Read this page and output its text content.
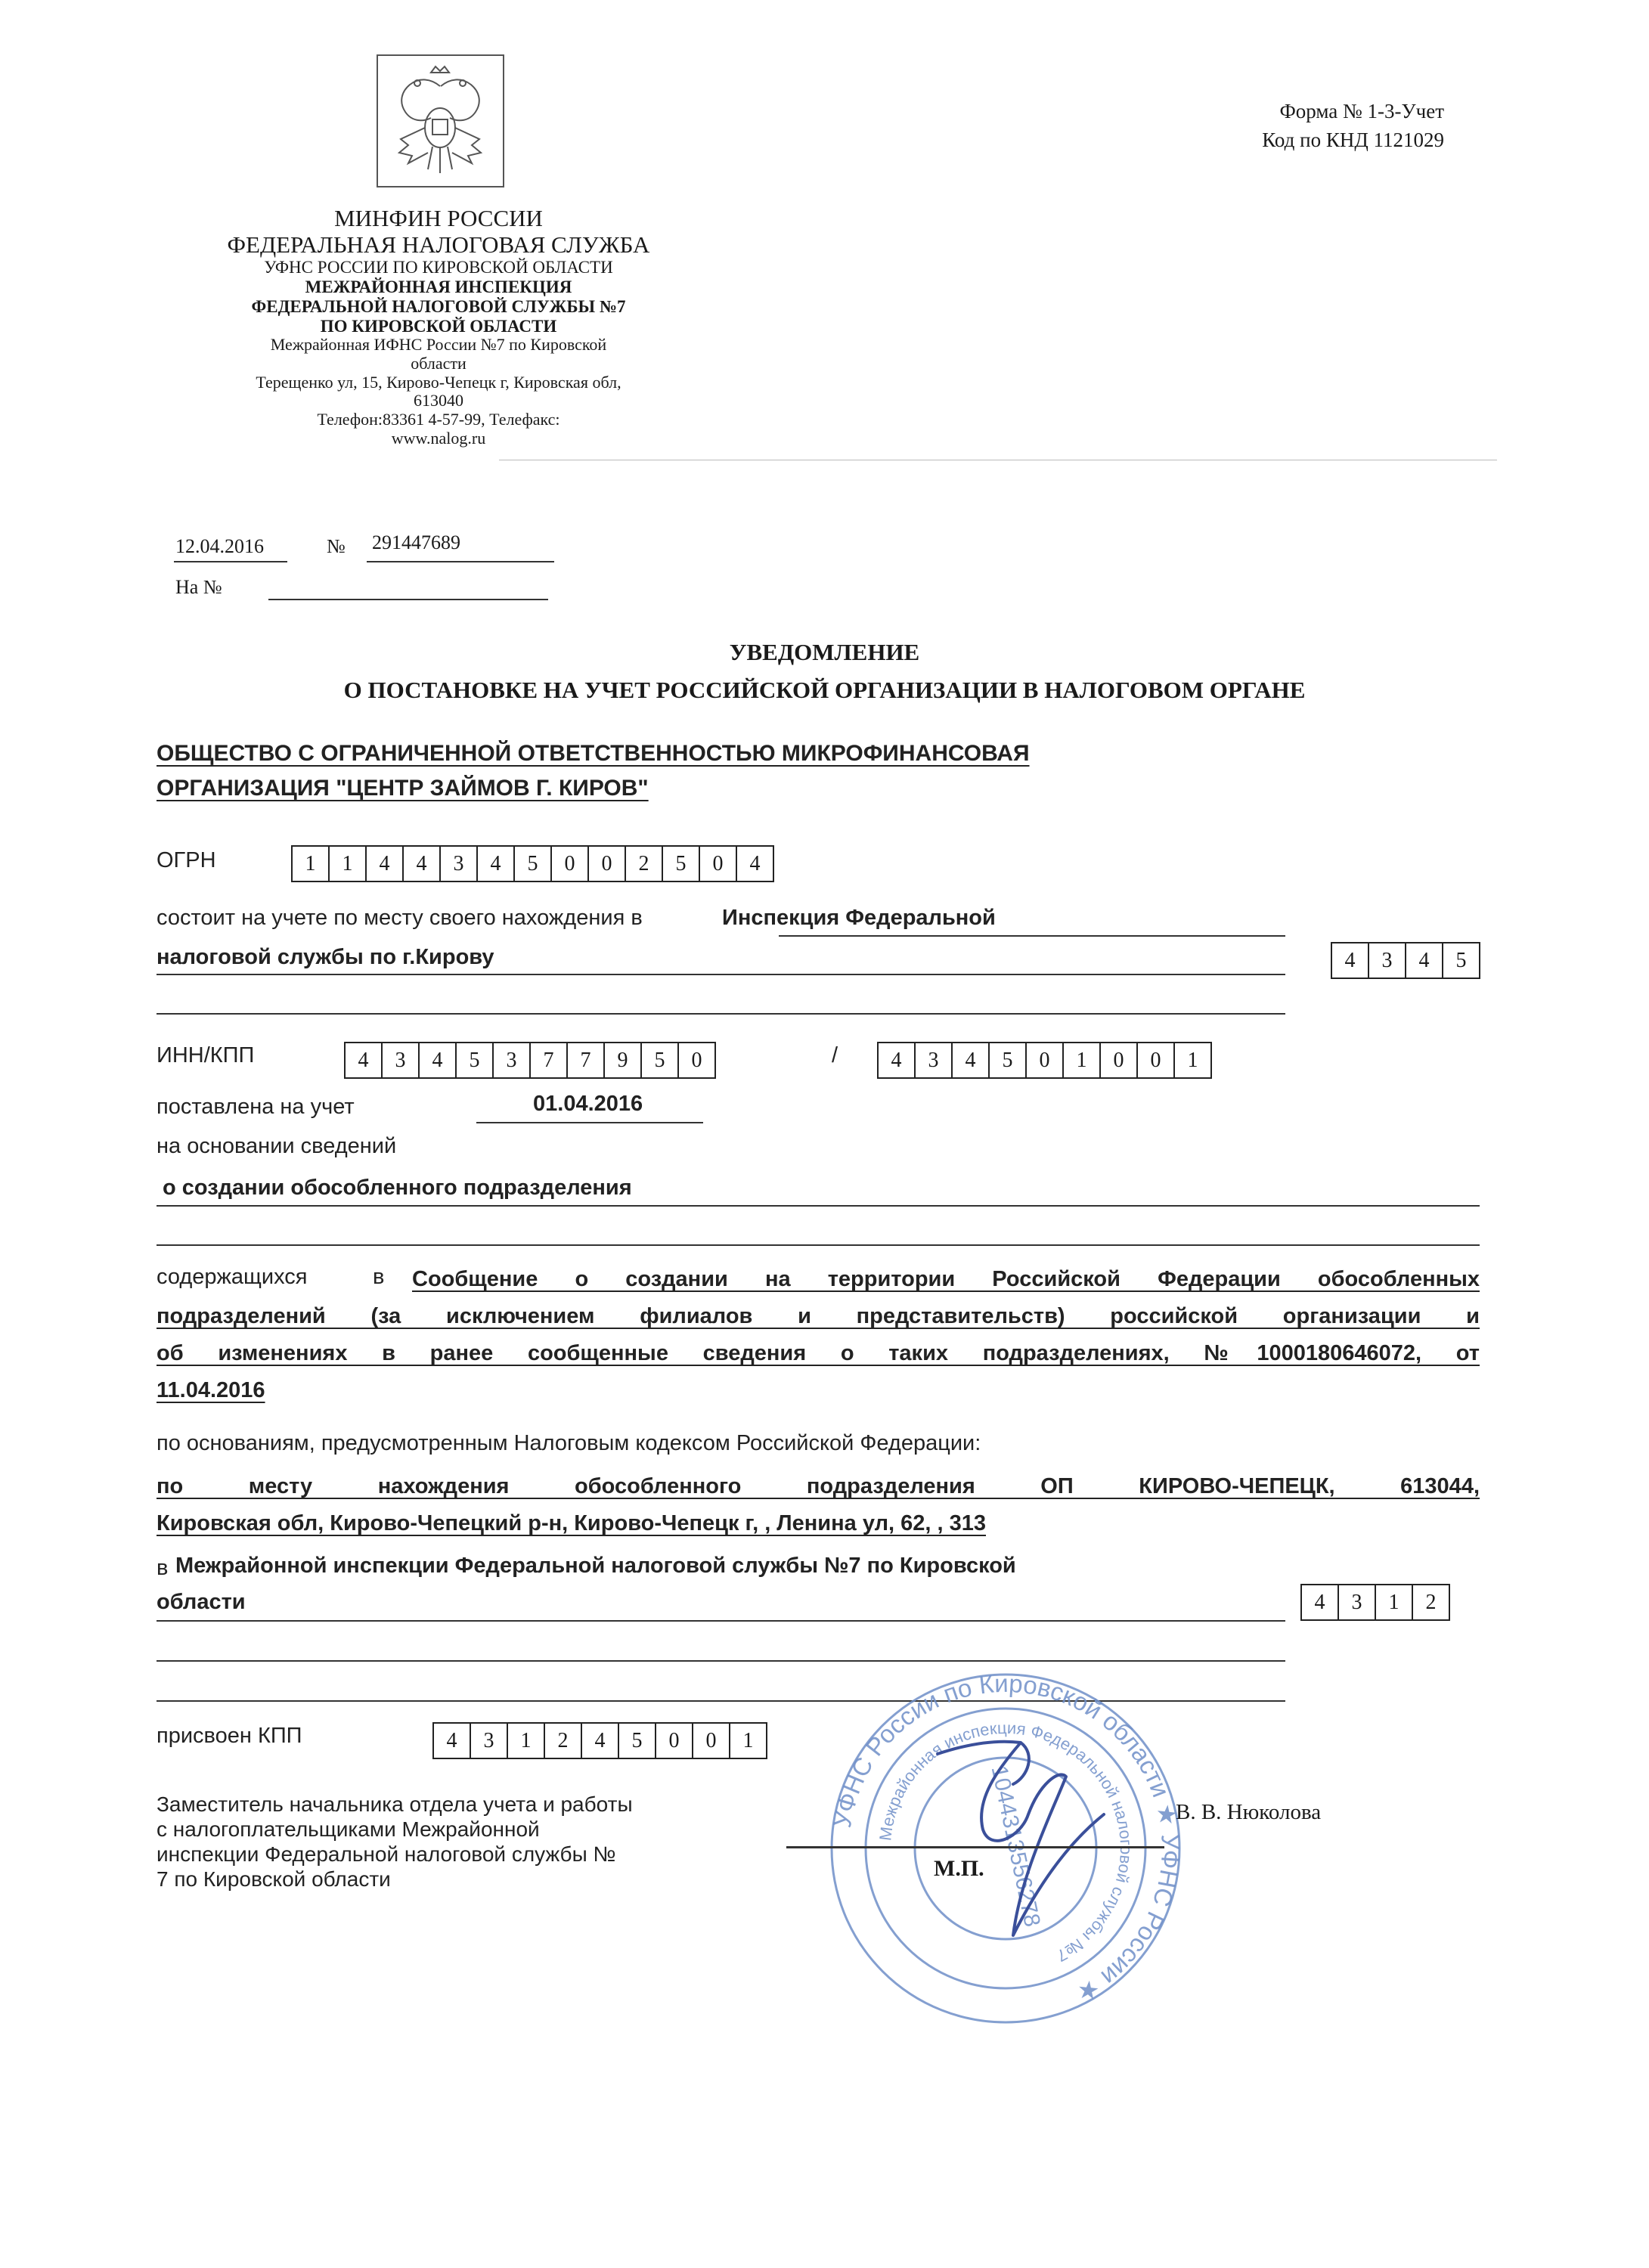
МИНФИН РОССИИ
ФЕДЕРАЛЬНАЯ НАЛОГОВАЯ СЛУЖБА
УФНС РОССИИ ПО КИРОВСКОЙ ОБЛАСТИ
МЕЖРАЙОННАЯ ИНСПЕКЦИЯ
ФЕДЕРАЛЬНОЙ НАЛОГОВОЙ СЛУЖБЫ №7
ПО КИРОВСКОЙ ОБЛАСТИ
Межрайонная ИФНС России №7 по Кировской
области
Терещенко ул, 15, Кирово-Чепецк г, Кировская обл,
613040
Телефон:83361 4-57-99, Телефакс:
www.nalog.ru
Форма № 1-3-Учет
Код по КНД 1121029
12.04.2016	№ 291447689
На №
УВЕДОМЛЕНИЕ
О ПОСТАНОВКЕ НА УЧЕТ РОССИЙСКОЙ ОРГАНИЗАЦИИ В НАЛОГОВОМ ОРГАНЕ
ОБЩЕСТВО С ОГРАНИЧЕННОЙ ОТВЕТСТВЕННОСТЬЮ МИКРОФИНАНСОВАЯ
ОРГАНИЗАЦИЯ "ЦЕНТР ЗАЙМОВ Г. КИРОВ"
ОГРН	1	1	4	4	3	4	5	0	0	2	5	0	4
состоит на учете по месту своего нахождения в	Инспекция Федеральной
налоговой службы по г.Кирову	4	3	4	5
ИНН/КПП	4	3	4	5	3	7	7	9	5	0	/	4	3	4	5	0	1	0	0	1
поставлена на учет	01.04.2016
на основании сведений
о создании обособленного подразделения
содержащихся	в Сообщение о создании на территории Российской Федерации обособленных
подразделений (за исключением филиалов и представительств) российской организации и
об изменениях в ранее сообщенные сведения о таких подразделениях, №1000180646072, от
11.04.2016
по основаниям, предусмотренным Налоговым кодексом Российской Федерации:
по месту нахождения обособленного подразделения ОП КИРОВО-ЧЕПЕЦК, 613044,
Кировская обл, Кирово-Чепецкий р-н, Кирово-Чепецк г, , Ленина ул, 62, , 313
в Межрайонной инспекции Федеральной налоговой службы №7 по Кировской
области	4	3	1	2
присвоен КПП	4	3	1	2	4	5	0	0	1
УФНС России по Кировской области ★ УФНС России ★
Межрайонная инспекция Федеральной налоговой службы №7
1044313556278
Заместитель начальника отдела учета и работы
с налогоплательщиками Межрайонной
инспекции Федеральной налоговой службы №
7 по Кировской области	М.П.
В. В. Нюколова
